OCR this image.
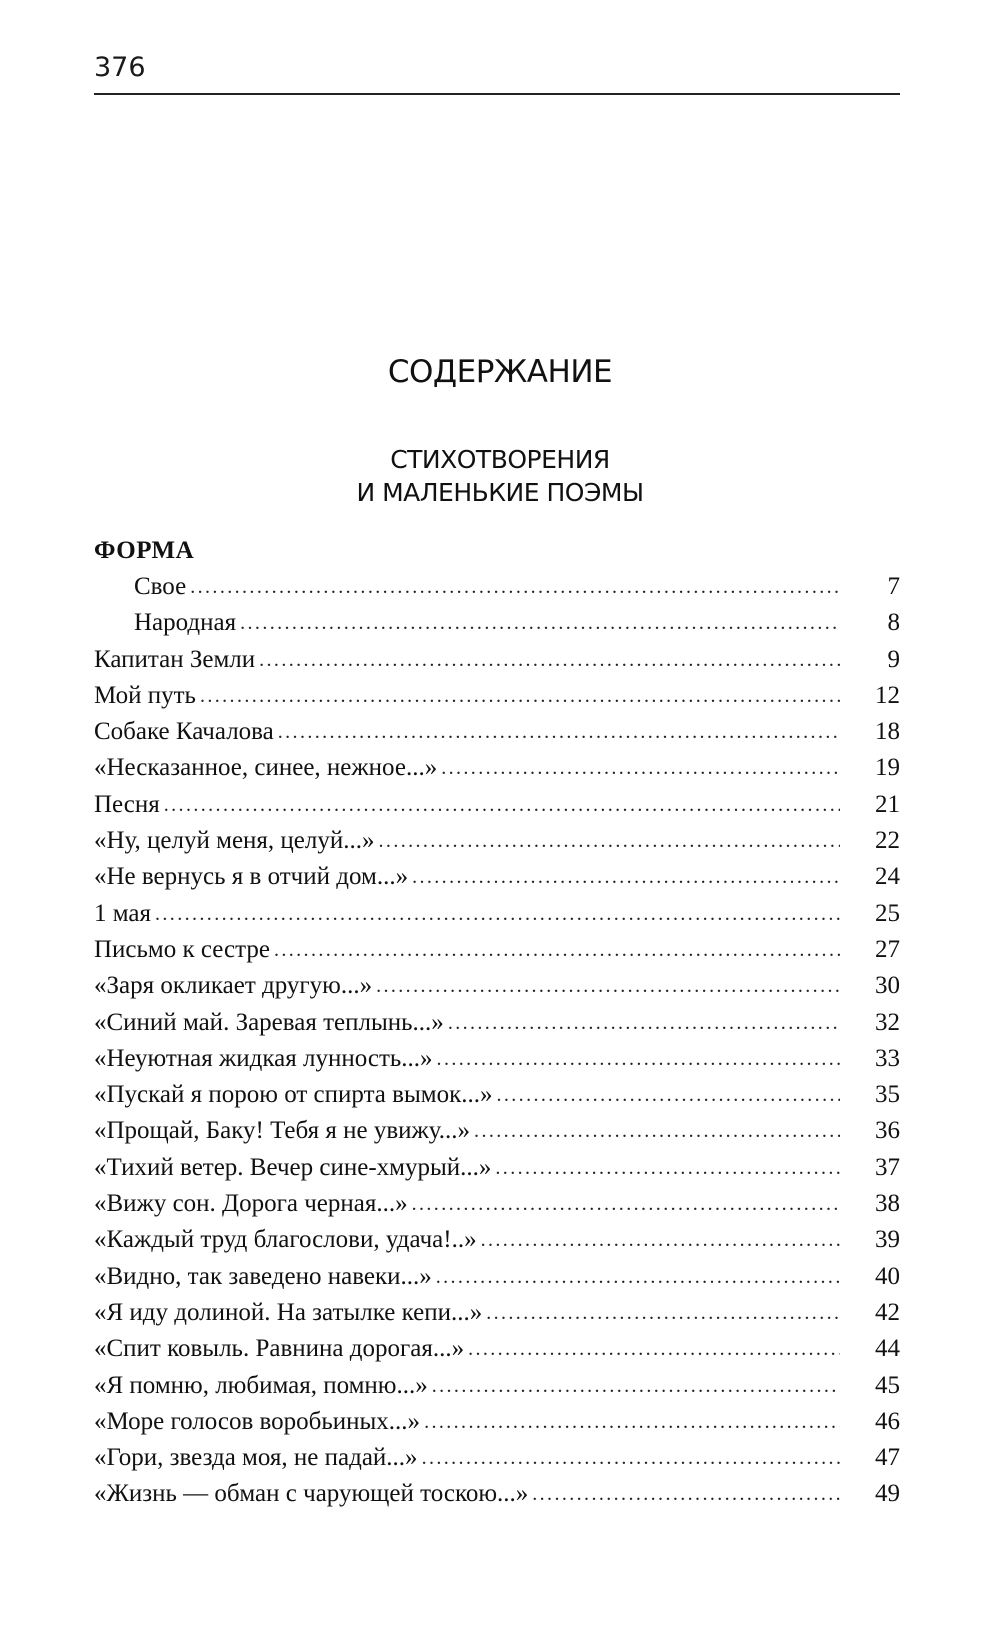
376
СОДЕРЖАНИЕ
СТИХОТВОРЕНИЯ
И МАЛЕНЬКИЕ ПОЭМЫ
ФОРМА
Свое .....	7
Народная .....	8
Капитан Земли .....	9
Мой путь .....	12
Собаке Качалова .....	18
«Несказанное, синее, нежное...» .....	19
Песня .....	21
«Ну, целуй меня, целуй...» .....	22
«Не вернусь я в отчий дом...» .....	24
1 мая .....	25
Письмо к сестре .....	27
«Заря окликает другую...» .....	30
«Синий май. Заревая теплынь...» .....	32
«Неуютная жидкая лунность...» .....	33
«Пускай я порою от спирта вымок...» .....	35
«Прощай, Баку! Тебя я не увижу...» .....	36
«Тихий ветер. Вечер сине-хмурый...» .....	37
«Вижу сон. Дорога черная...» .....	38
«Каждый труд благослови, удача!..» .....	39
«Видно, так заведено навеки...» .....	40
«Я иду долиной. На затылке кепи...» .....	42
«Спит ковыль. Равнина дорогая...» .....	44
«Я помню, любимая, помню...» .....	45
«Море голосов воробьиных...» .....	46
«Гори, звезда моя, не падай...» .....	47
«Жизнь — обман с чарующей тоскою...» .....	49
